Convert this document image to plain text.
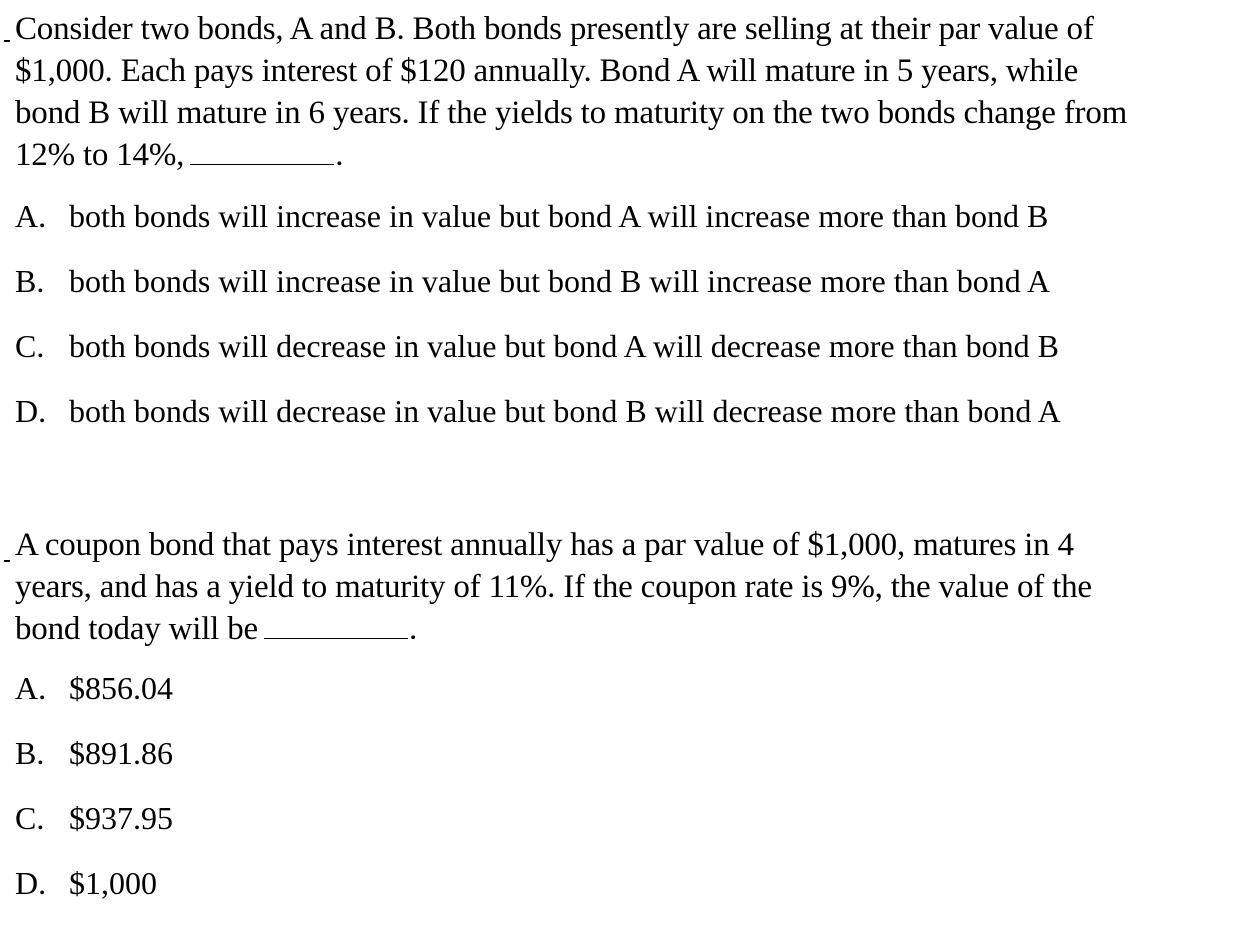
Consider two bonds, A and B. Both bonds presently are selling at their par value of
$1,000. Each pays interest of $120 annually. Bond A will mature in 5 years, while
bond B will mature in 6 years. If the yields to maturity on the two bonds change from
12% to 14%,	.

A. both bonds will increase in value but bond A will increase more than bond B
B. both bonds will increase in value but bond B will increase more than bond A
C. both bonds will decrease in value but bond A will decrease more than bond B
D. both bonds will decrease in value but bond B will decrease more than bond A

A coupon bond that pays interest annually has a par value of $1,000, matures in 4
years, and has a yield to maturity of 11%. If the coupon rate is 9%, the value of the
bond today will be	.

A. $856.04
B. $891.86
C. $937.95
D. $1,000
